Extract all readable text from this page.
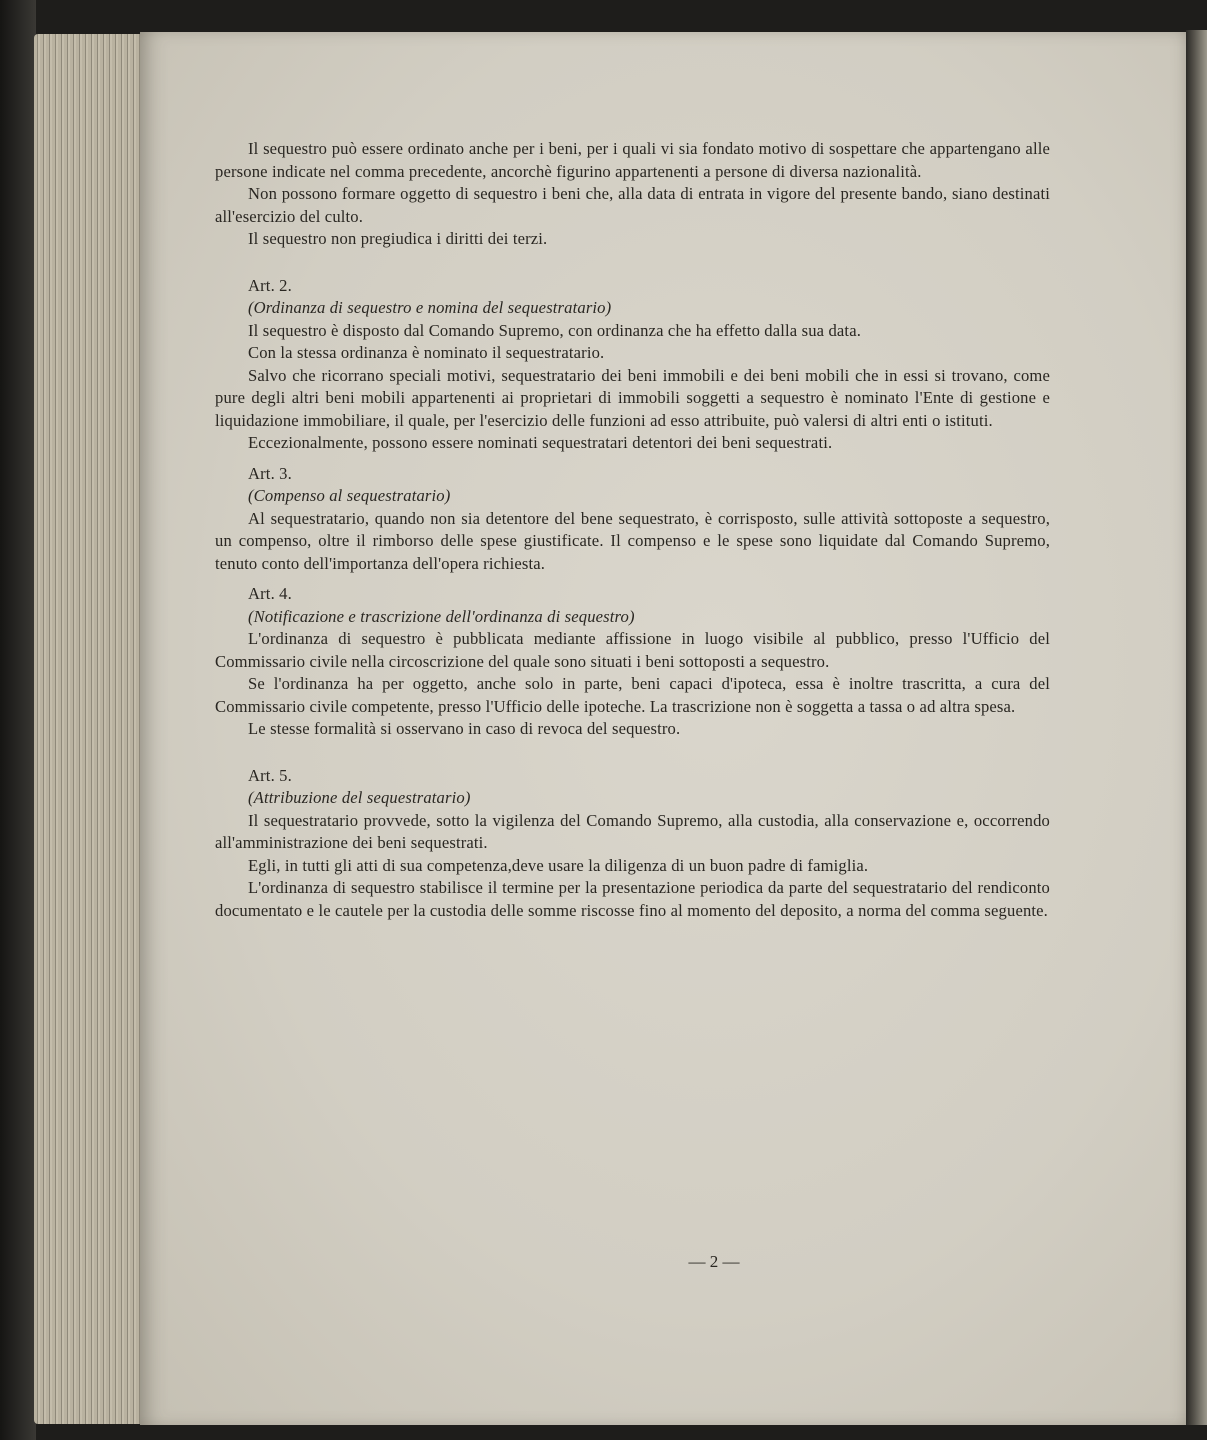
Il sequestro può essere ordinato anche per i beni, per i quali vi sia fondato motivo di sospettare che appartengano alle persone indicate nel comma precedente, ancorchè figurino appartenenti a persone di diversa nazionalità.

Non possono formare oggetto di sequestro i beni che, alla data di entrata in vigore del presente bando, siano destinati all'esercizio del culto.

Il sequestro non pregiudica i diritti dei terzi.

Art. 2.

(Ordinanza di sequestro e nomina del sequestratario)

Il sequestro è disposto dal Comando Supremo, con ordinanza che ha effetto dalla sua data.

Con la stessa ordinanza è nominato il sequestratario.

Salvo che ricorrano speciali motivi, sequestratario dei beni immobili e dei beni mobili che in essi si trovano, come pure degli altri beni mobili appartenenti ai proprietari di immobili soggetti a sequestro è nominato l'Ente di gestione e liquidazione immobiliare, il quale, per l'esercizio delle funzioni ad esso attribuite, può valersi di altri enti o istituti.

Eccezionalmente, possono essere nominati sequestratari detentori dei beni sequestrati.

Art. 3.

(Compenso al sequestratario)

Al sequestratario, quando non sia detentore del bene sequestrato, è corrisposto, sulle attività sottoposte a sequestro, un compenso, oltre il rimborso delle spese giustificate. Il compenso e le spese sono liquidate dal Comando Supremo, tenuto conto dell'importanza dell'opera richiesta.

Art. 4.

(Notificazione e trascrizione dell'ordinanza di sequestro)

L'ordinanza di sequestro è pubblicata mediante affissione in luogo visibile al pubblico, presso l'Ufficio del Commissario civile nella circoscrizione del quale sono situati i beni sottoposti a sequestro.

Se l'ordinanza ha per oggetto, anche solo in parte, beni capaci d'ipoteca, essa è inoltre trascritta, a cura del Commissario civile competente, presso l'Ufficio delle ipoteche. La trascrizione non è soggetta a tassa o ad altra spesa.

Le stesse formalità si osservano in caso di revoca del sequestro.

Art. 5.

(Attribuzione del sequestratario)

Il sequestratario provvede, sotto la vigilenza del Comando Supremo, alla custodia, alla conservazione e, occorrendo all'amministrazione dei beni sequestrati.

Egli, in tutti gli atti di sua competenza,deve usare la diligenza di un buon padre di famiglia.

L'ordinanza di sequestro stabilisce il termine per la presentazione periodica da parte del sequestratario del rendiconto documentato e le cautele per la custodia delle somme riscosse fino al momento del deposito, a norma del comma seguente.

— 2 —
